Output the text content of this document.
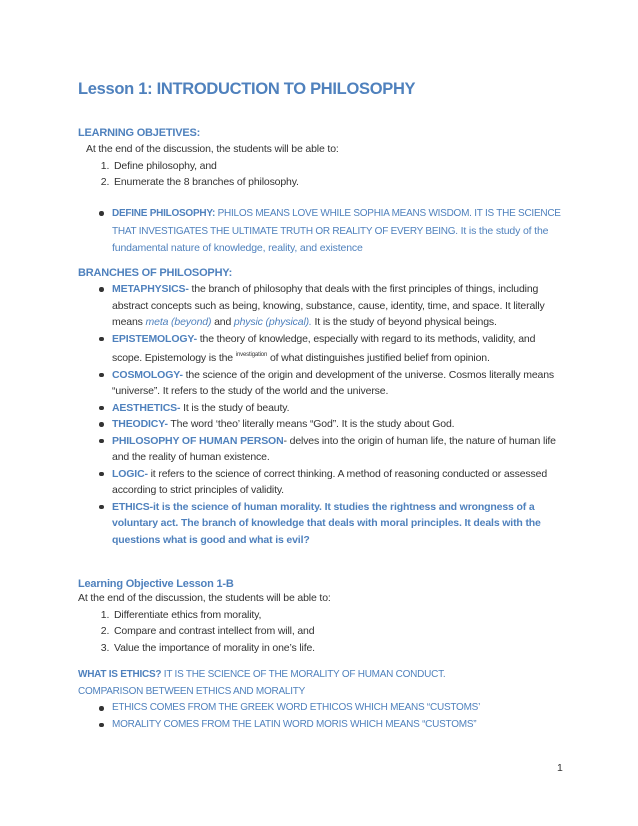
Lesson 1: INTRODUCTION TO PHILOSOPHY
LEARNING OBJETIVES:
At the end of the discussion, the students will be able to:
1. Define philosophy, and
2. Enumerate the 8 branches of philosophy.
DEFINE PHILOSOPHY: PHILOS MEANS LOVE WHILE SOPHIA MEANS WISDOM. IT IS THE SCIENCE THAT INVESTIGATES THE ULTIMATE TRUTH OR REALITY OF EVERY BEING. It is the study of the fundamental nature of knowledge, reality, and existence
BRANCHES OF PHILOSOPHY:
METAPHYSICS- the branch of philosophy that deals with the first principles of things, including abstract concepts such as being, knowing, substance, cause, identity, time, and space. It literally means meta (beyond) and physic (physical). It is the study of beyond physical beings.
EPISTEMOLOGY- the theory of knowledge, especially with regard to its methods, validity, and scope. Epistemology is the $^{investigation}$ of what distinguishes justified belief from opinion.
COSMOLOGY- the science of the origin and development of the universe. Cosmos literally means “universe”. It refers to the study of the world and the universe.
AESTHETICS- It is the study of beauty.
THEODICY- The word ‘theo’ literally means “God”. It is the study about God.
PHILOSOPHY OF HUMAN PERSON- delves into the origin of human life, the nature of human life and the reality of human existence.
LOGIC- it refers to the science of correct thinking. A method of reasoning conducted or assessed according to strict principles of validity.
ETHICS-it is the science of human morality. It studies the rightness and wrongness of a voluntary act. The branch of knowledge that deals with moral principles. It deals with the questions what is good and what is evil?
Learning Objective Lesson 1-B
At the end of the discussion, the students will be able to:
1. Differentiate ethics from morality,
2. Compare and contrast intellect from will, and
3. Value the importance of morality in one’s life.
WHAT IS ETHICS? IT IS THE SCIENCE OF THE MORALITY OF HUMAN CONDUCT.
COMPARISON BETWEEN ETHICS AND MORALITY
ETHICS COMES FROM THE GREEK WORD ETHICOS WHICH MEANS “CUSTOMS’
MORALITY COMES FROM THE LATIN WORD MORIS WHICH MEANS “CUSTOMS”
1
